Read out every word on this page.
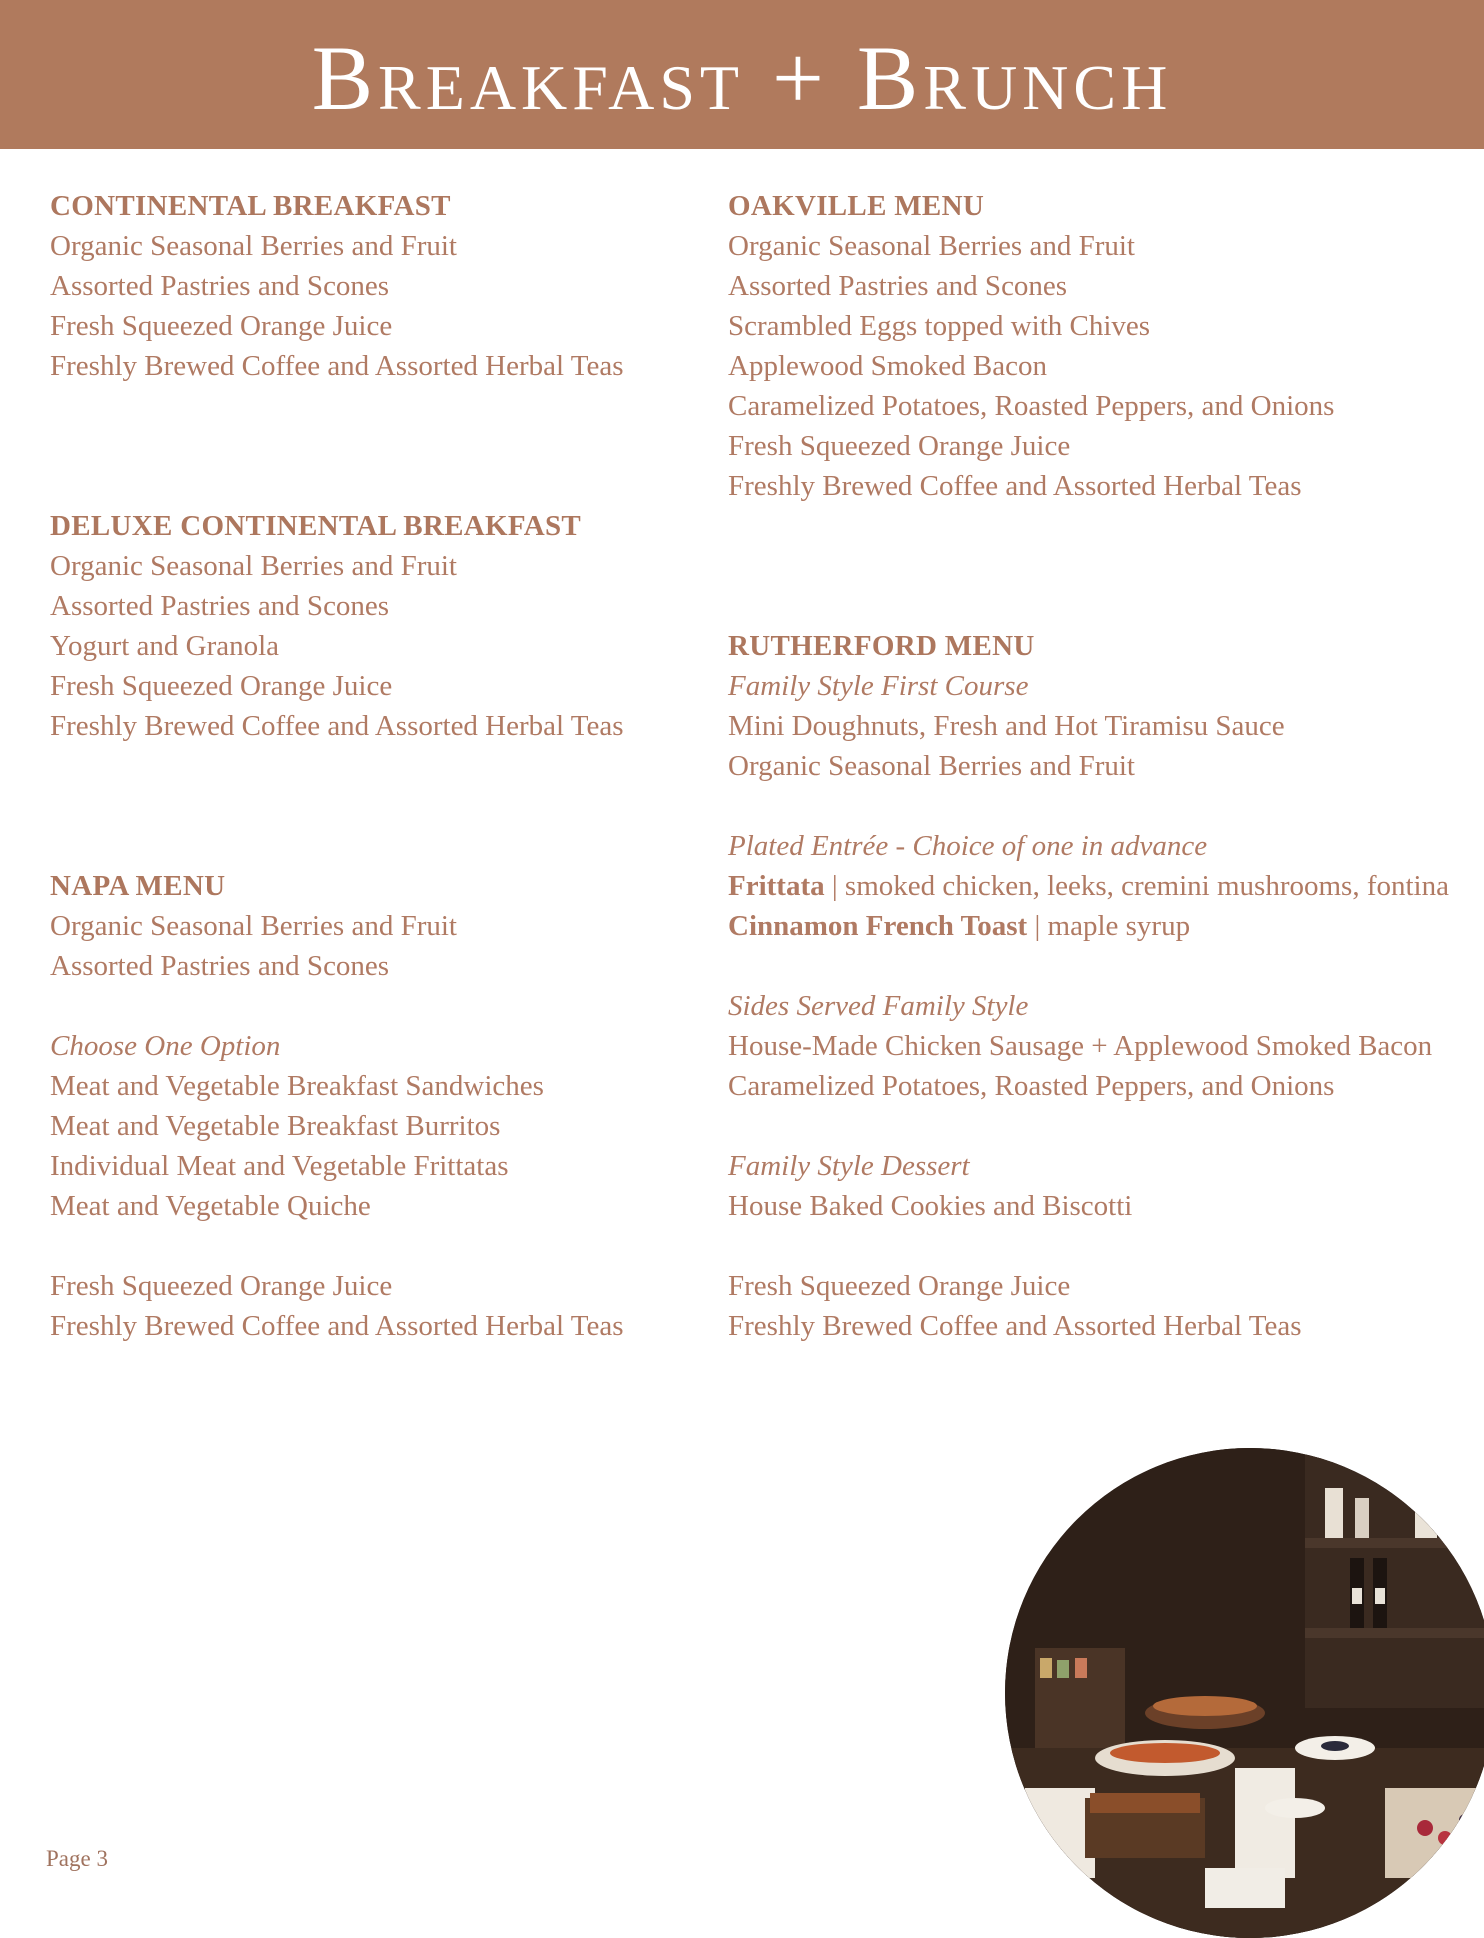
Breakfast + Brunch
CONTINENTAL BREAKFAST
Organic Seasonal Berries and Fruit
Assorted Pastries and Scones
Fresh Squeezed Orange Juice
Freshly Brewed Coffee and Assorted Herbal Teas
DELUXE CONTINENTAL BREAKFAST
Organic Seasonal Berries and Fruit
Assorted Pastries and Scones
Yogurt and Granola
Fresh Squeezed Orange Juice
Freshly Brewed Coffee and Assorted Herbal Teas
NAPA MENU
Organic Seasonal Berries and Fruit
Assorted Pastries and Scones
Choose One Option
Meat and Vegetable Breakfast Sandwiches
Meat and Vegetable Breakfast Burritos
Individual Meat and Vegetable Frittatas
Meat and Vegetable Quiche
Fresh Squeezed Orange Juice
Freshly Brewed Coffee and Assorted Herbal Teas
OAKVILLE MENU
Organic Seasonal Berries and Fruit
Assorted Pastries and Scones
Scrambled Eggs topped with Chives
Applewood Smoked Bacon
Caramelized Potatoes, Roasted Peppers, and Onions
Fresh Squeezed Orange Juice
Freshly Brewed Coffee and Assorted Herbal Teas
RUTHERFORD MENU
Family Style First Course
Mini Doughnuts, Fresh and Hot Tiramisu Sauce
Organic Seasonal Berries and Fruit
Plated Entrée - Choice of one in advance
Frittata | smoked chicken, leeks, cremini mushrooms, fontina
Cinnamon French Toast | maple syrup
Sides Served Family Style
House-Made Chicken Sausage + Applewood Smoked Bacon
Caramelized Potatoes, Roasted Peppers, and Onions
Family Style Dessert
House Baked Cookies and Biscotti
Fresh Squeezed Orange Juice
Freshly Brewed Coffee and Assorted Herbal Teas
Page 3
